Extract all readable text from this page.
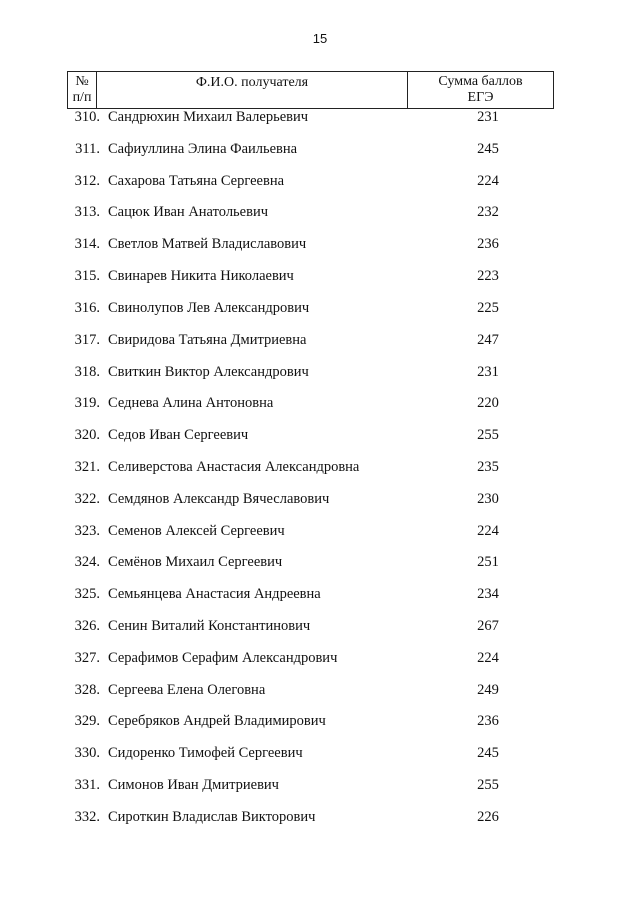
15
№
п/п
Ф.И.О. получателя	Сумма баллов
ЕГЭ
310. Сандрюхин Михаил Валерьевич	231
311. Сафиуллина Элина Фаильевна	245
312. Сахарова Татьяна Сергеевна	224
313. Сацюк Иван Анатольевич	232
314. Светлов Матвей Владиславович	236
315. Свинарев Никита Николаевич	223
316. Свинолупов Лев Александрович	225
317. Свиридова Татьяна Дмитриевна	247
318. Свиткин Виктор Александрович	231
319. Седнева Алина Антоновна	220
320. Седов Иван Сергеевич	255
321. Селиверстова Анастасия Александровна	235
322. Семдянов Александр Вячеславович	230
323. Семенов Алексей Сергеевич	224
324. Семёнов Михаил Сергеевич	251
325. Семьянцева Анастасия Андреевна	234
326. Сенин Виталий Константинович	267
327. Серафимов Серафим Александрович	224
328. Сергеева Елена Олеговна	249
329. Серебряков Андрей Владимирович	236
330. Сидоренко Тимофей Сергеевич	245
331. Симонов Иван Дмитриевич	255
332. Сироткин Владислав Викторович	226
